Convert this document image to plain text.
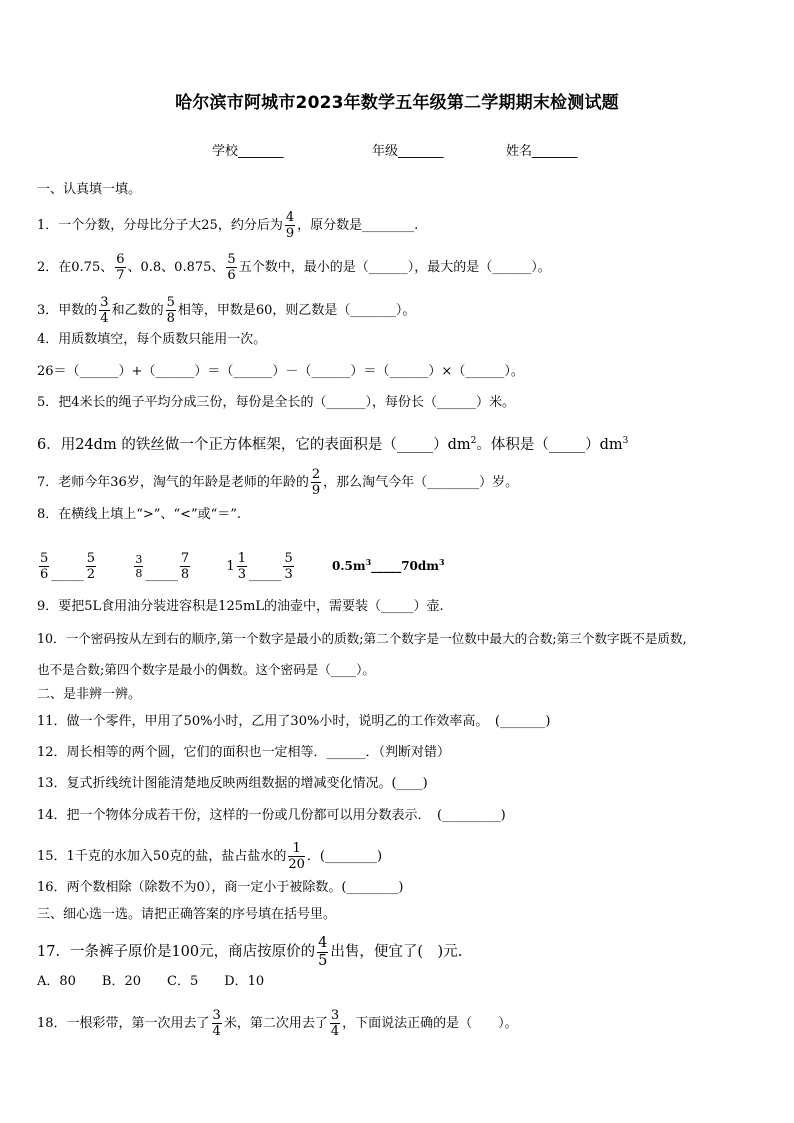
哈尔滨市阿城市2023年数学五年级第二学期期末检测试题
学校_______	年级_______	姓名_______
一、认真填一填。
1．一个分数，分母比分子大25，约分后为 $\frac{4}{9}$ ，原分数是________.
2．在0.75、 $\frac{6}{7}$ 、0.8、0.875、 $\frac{5}{6}$ 五个数中，最小的是（______），最大的是（______）。
3．甲数的 $\frac{3}{4}$ 和乙数的 $\frac{5}{8}$ 相等，甲数是60，则乙数是（_______）。
4．用质数填空，每个质数只能用一次。
26＝（______）+（______）＝（______）－（______）＝（______）×（______）。
5．把4米长的绳子平均分成三份，每份是全长的（______），每份长（______）米。
6．用24dm 的铁丝做一个正方体框架，它的表面积是$(\_\_\_\_\_)dm^2$。体积是$(\_\_\_\_\_)dm^3$
7．老师今年36岁，淘气的年龄是老师的年龄的 $\frac{2}{9}$ ，那么淘气今年（________）岁。
8．在横线上填上“>”、“<”或“＝”.
$\frac{5}{6}$ _____ $\frac{5}{2}$
	$\frac{3}{8}$ _____ $\frac{7}{8}$	$1 \frac{1}{3}$ _____ $\frac{5}{3}$	$0.5m^3\_\_\_\_\_70dm^3$
9．要把5L食用油分装进容积是125mL的油壶中，需要装（_____）壶.
10．一个密码按从左到右的顺序,第一个数字是最小的质数;第二个数字是一位数中最大的合数;第三个数字既不是质数,
也不是合数;第四个数字是最小的偶数。这个密码是（____）。
二、是非辨一辨。
11．做一个零件，甲用了50%小时，乙用了30%小时，说明乙的工作效率高。　(_______)
12．周长相等的两个圆，它们的面积也一定相等．______．（判断对错）
13．复式折线统计图能清楚地反映两组数据的增减变化情况。(____)
14．把一个物体分成若干份，这样的一份或几份都可以用分数表示．　(_________)
15．1千克的水加入50克的盐，盐占盐水的 $\frac{1}{20}$ ．(________)
16．两个数相除（除数不为0），商一定小于被除数。(________)
三、细心选一选。请把正确答案的序号填在括号里。
17．一条裤子原价是100元，商店按原价的 $\frac{4}{5}$ 出售，便宜了(　)元.
A．80　　B．20　　C．5　　D．10
18．一根彩带，第一次用去了 $\frac{3}{4}$ 米，第二次用去了 $\frac{3}{4}$ ，下面说法正确的是（　　）。
